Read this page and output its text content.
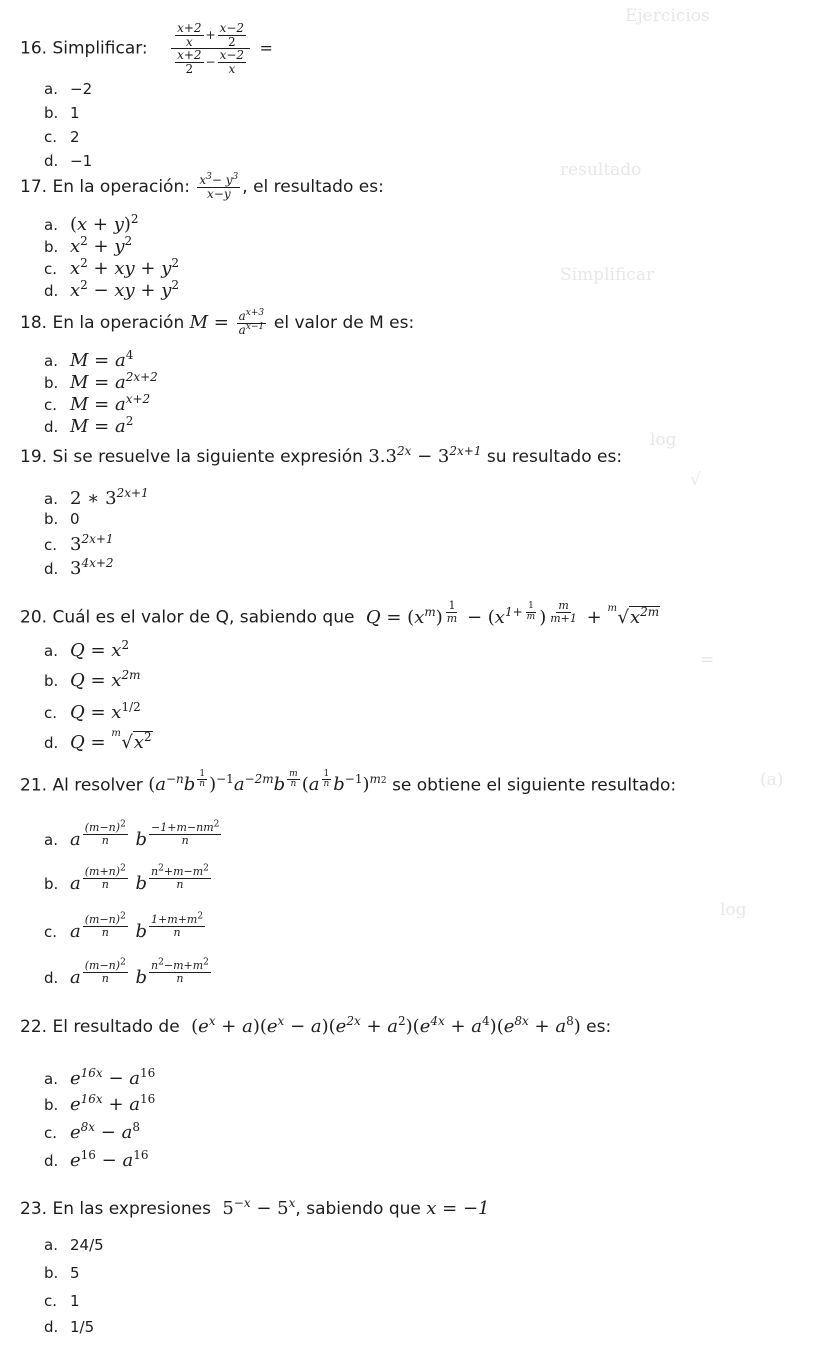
Ejercicios
resultado
Simplificar
log
√
=
(a)
log
16. Simplificar: $\frac{\frac{x+2}{x} + \frac{x-2}{2}}{\frac{x+2}{2} - \frac{x-2}{x}}$ =
a. −2
b. 1
c. 2
d. −1
17. En la operación: $\frac{x^3- y^3}{x-y}$ , el resultado es:
a. $(x + y)^2$
b. $x^2 + y^2$
c. $x^2$ + xy + $y^2$
d. $x^2$ − xy + $y^2$
18. En la operación $M = \frac{a^{x+3}}{a^{x-1}}$ el valor de M es:
a. $M = a^4$
b. $M = a^{2x+2}$
c. $M = a^{x+2}$
d. $M = a^2$
19. Si se resuelve la siguiente expresión $3.3^{2x} - 3^{2x+1}$ su resultado es:
a. 2 ∗ $3^{2x+1}$
b. 0
c. $3^{2x+1}$
d. $3^{4x+2}$
20. Cuál es el valor de Q, sabiendo que $Q = (x^m) ^{\frac{1}{m}} - (x^{1+ \frac{1}{m}}$ ) $^{\frac{m}{m+1}}$ + m $√x^{2m}$
a. $Q = x^2$
b. $Q = x^{2m}$
c. $Q = x^{1/2}$
d. Q = m $√x^2$
21. Al resolver ($a^{-n}b$ $^{\frac{1}{n}}$ )$^{-1}a^{-2m}b$ $^{\frac{m}{n}}$ (a $^{\frac{1}{n}}$ $b^{-1})^{m2}$ se obtiene el siguiente resultado:
a. a $^{\frac{(m-n)^2}{n}}$ b $^{\frac{-1+m-nm^2}{n}}$
b. a $^{\frac{(m+n)^2}{n}}$ b $^{\frac{n^2+m-m^2}{n}}$
c. a $^{\frac{(m-n)^2}{n}}$ b $^{\frac{1+m+m^2}{n}}$
d. a $^{\frac{(m-n)^2}{n}}$ b $^{\frac{n^2-m+m^2}{n}}$
22. El resultado de $(e^x + a)(e^x - a)(e^{2x} + a^2)(e^{4x} + a^4)(e^{8x} + a^8)$ es:
a. $e^{16x} - a^{16}$
b. $e^{16x} + a^{16}$
c. $e^{8x} - a^8$
d. $e^{16} - a^{16}$
23. En las expresiones $5^{-x} - 5^x$, sabiendo que x = −1
a. 24/5
b. 5
c. 1
d. 1/5
